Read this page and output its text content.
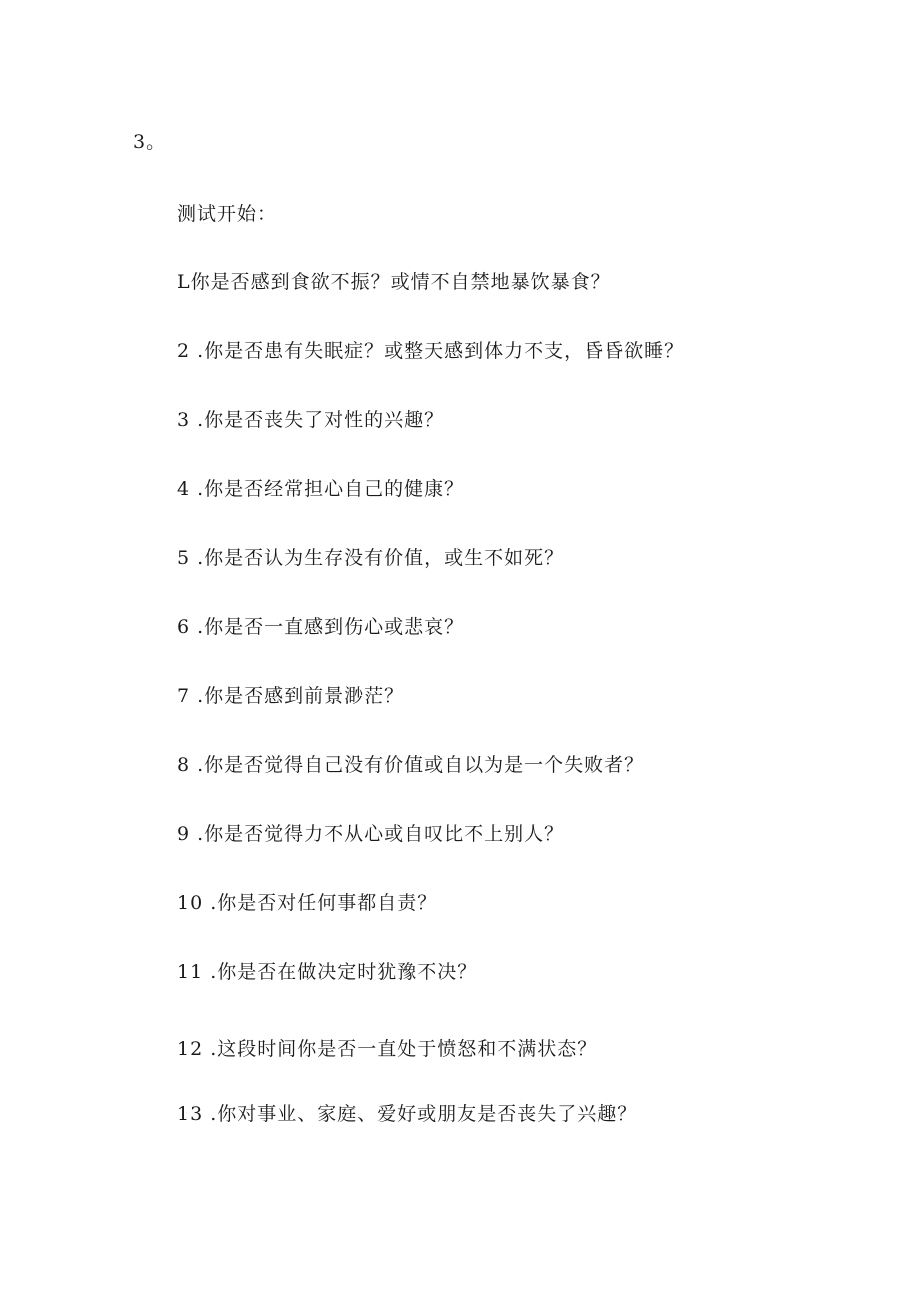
3。
测试开始：
L你是否感到食欲不振？或情不自禁地暴饮暴食？
2 .你是否患有失眠症？或整天感到体力不支，昏昏欲睡？
3 .你是否丧失了对性的兴趣？
4 .你是否经常担心自己的健康？
5 .你是否认为生存没有价值，或生不如死？
6 .你是否一直感到伤心或悲哀？
7 .你是否感到前景渺茫？
8 .你是否觉得自己没有价值或自以为是一个失败者？
9 .你是否觉得力不从心或自叹比不上别人？
10 .你是否对任何事都自责？
11 .你是否在做决定时犹豫不决？
12 .这段时间你是否一直处于愤怒和不满状态？
13 .你对事业、家庭、爱好或朋友是否丧失了兴趣？
